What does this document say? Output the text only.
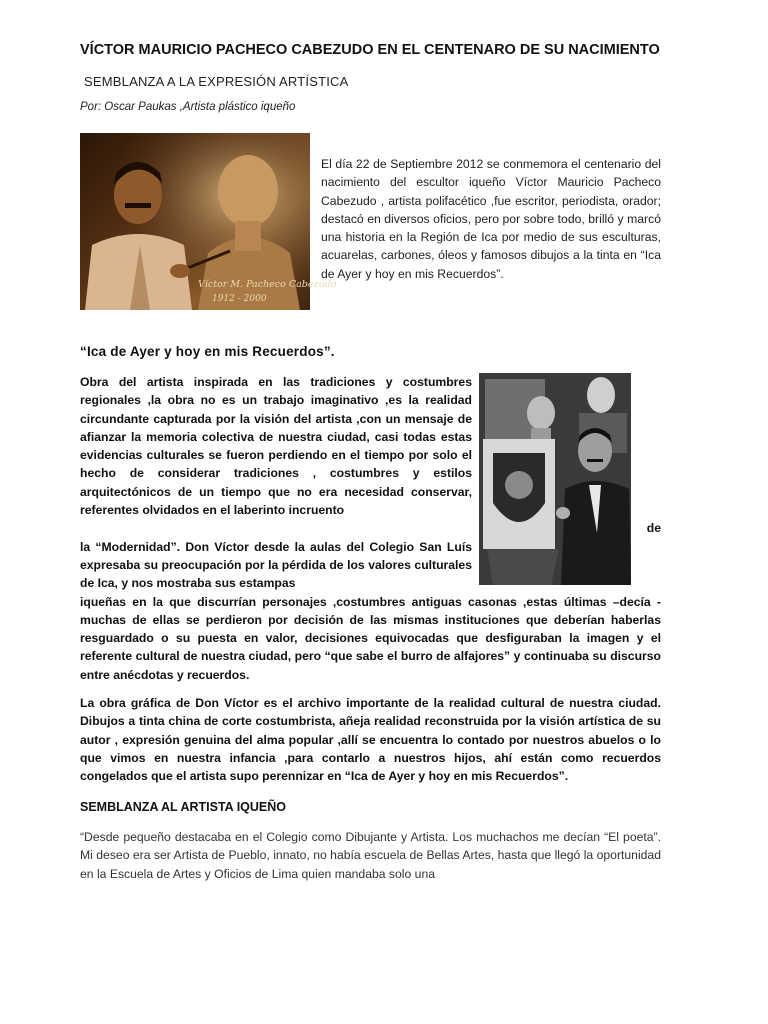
VÍCTOR MAURICIO PACHECO CABEZUDO EN EL CENTENARO DE SU NACIMIENTO
SEMBLANZA A LA EXPRESIÓN ARTÍSTICA
Por: Oscar Paukas ,Artista plástico iqueño
Víctor M. Pacheco Cabezudo
1912 - 2000
El día 22 de Septiembre 2012 se conmemora el centenario del nacimiento del escultor iqueño Víctor Mauricio Pacheco Cabezudo , artista polifacético ,fue escritor, periodista, orador; destacó en diversos oficios, pero por sobre todo, brilló y marcó una historia en la Región de Ica por medio de sus esculturas, acuarelas, carbones, óleos y famosos dibujos a la tinta en “Ica de Ayer y hoy en mis Recuerdos”.
“Ica de Ayer y hoy en mis Recuerdos”.
Obra del artista inspirada en las tradiciones y costumbres regionales ,la obra no es un trabajo imaginativo ,es la realidad circundante capturada por la visión del artista ,con un mensaje de afianzar la memoria colectiva de nuestra ciudad, casi todas estas evidencias culturales se fueron perdiendo en el tiempo por solo el hecho de considerar tradiciones , costumbres y estilos arquitectónicos de un tiempo que no era necesidad conservar, referentes olvidados en el laberinto incruento
de
la “Modernidad”. Don Víctor desde la aulas del Colegio San Luís expresaba su preocupación por la pérdida de los valores culturales de Ica, y nos mostraba sus estampas
iqueñas en la que discurrían personajes ,costumbres antiguas casonas ,estas últimas –decía - muchas de ellas se perdieron por decisión de las mismas instituciones que deberían haberlas resguardado o su puesta en valor, decisiones equivocadas que desfiguraban la imagen y el referente cultural de nuestra ciudad, pero “que sabe el burro de alfajores” y continuaba su discurso entre anécdotas y recuerdos.
La obra gráfica de Don Víctor es el archivo importante de la realidad cultural de nuestra ciudad. Dibujos a tinta china de corte costumbrista, añeja realidad reconstruida por la visión artística de su autor , expresión genuina del alma popular ,allí se encuentra lo contado por nuestros abuelos o lo que vimos en nuestra infancia ,para contarlo a nuestros hijos, ahí están como recuerdos congelados que el artista supo perennizar en “Ica de Ayer y hoy en mis Recuerdos”.
SEMBLANZA AL ARTISTA IQUEÑO
“Desde pequeño destacaba en el Colegio como Dibujante y Artista. Los muchachos me decían “El poeta”. Mi deseo era ser Artista de Pueblo, innato, no había escuela de Bellas Artes, hasta que llegó la oportunidad en la Escuela de Artes y Oficios de Lima quien mandaba solo una
